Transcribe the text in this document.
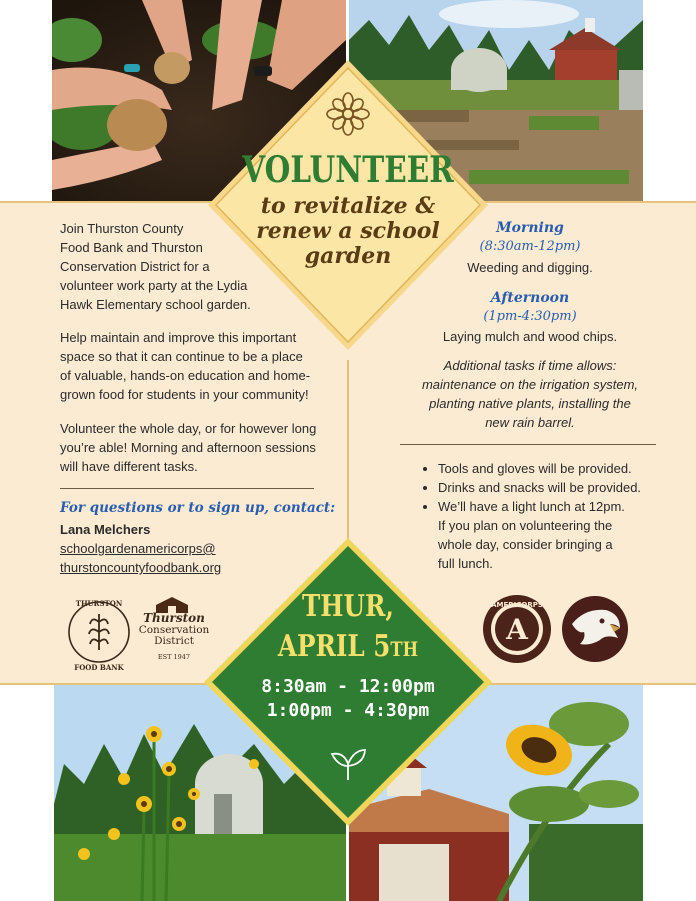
VOLUNTEER
to revitalize &
renew a school
garden
Join Thurston County
Food Bank and Thurston
Conservation District for a
volunteer work party at the Lydia
Hawk Elementary school garden.
Help maintain and improve this important
space so that it can continue to be a place
of valuable, hands-on education and home-
grown food for students in your community!
Volunteer the whole day, or for however long
you’re able! Morning and afternoon sessions
will have different tasks.
For questions or to sign up, contact:
Lana Melchers
schoolgardenamericorps@
thurstoncountyfoodbank.org
THURSTON
FOOD BANK
Thurston
Conservation
District
EST 1947
Morning
(8:30am-12pm)
Weeding and digging.
Afternoon
(1pm-4:30pm)
Laying mulch and wood chips.
Additional tasks if time allows:
maintenance on the irrigation system,
planting native plants, installing the
new rain barrel.
• Tools and gloves will be provided.
• Drinks and snacks will be provided.
• We’ll have a light lunch at 12pm.
If you plan on volunteering the
whole day, consider bringing a
full lunch.
A
AMERICORPS
THUR,
APRIL 5TH
8:30am - 12:00pm
1:00pm - 4:30pm
